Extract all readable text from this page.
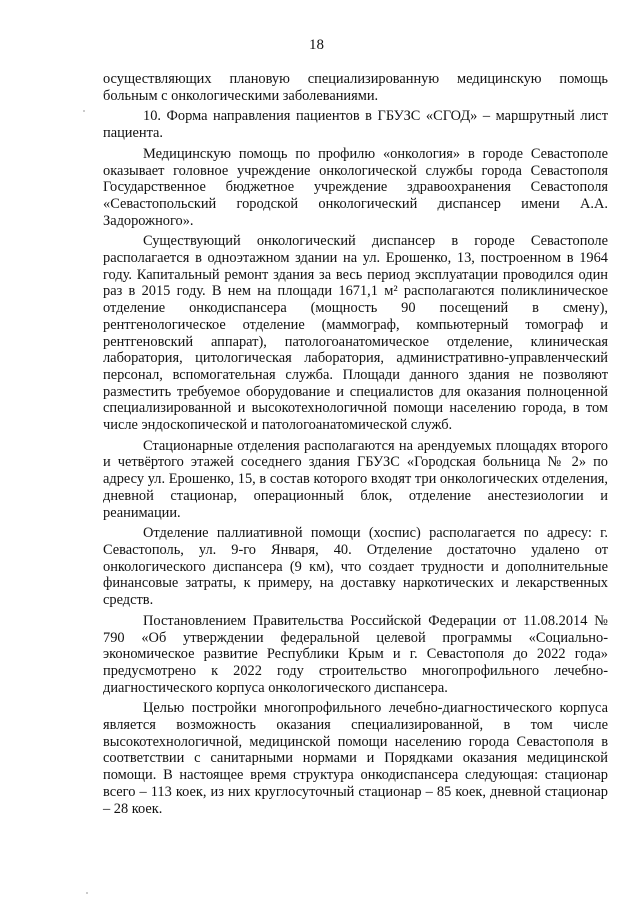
18

осуществляющих плановую специализированную медицинскую помощь больным с онкологическими заболеваниями.

10. Форма направления пациентов в ГБУЗС «СГОД» – маршрутный лист пациента.

Медицинскую помощь по профилю «онкология» в городе Севастополе оказывает головное учреждение онкологической службы города Севастополя Государственное бюджетное учреждение здравоохранения Севастополя «Севастопольский городской онкологический диспансер имени А.А. Задорожного».

Существующий онкологический диспансер в городе Севастополе располагается в одноэтажном здании на ул. Ерошенко, 13, построенном в 1964 году. Капитальный ремонт здания за весь период эксплуатации проводился один раз в 2015 году. В нем на площади 1671,1 м² располагаются поликлиническое отделение онкодиспансера (мощность 90 посещений в смену), рентгенологическое отделение (маммограф, компьютерный томограф и рентгеновский аппарат), патологоанатомическое отделение, клиническая лаборатория, цитологическая лаборатория, административно-управленческий персонал, вспомогательная служба. Площади данного здания не позволяют разместить требуемое оборудование и специалистов для оказания полноценной специализированной и высокотехнологичной помощи населению города, в том числе эндоскопической и патологоанатомической служб.

Стационарные отделения располагаются на арендуемых площадях второго и четвёртого этажей соседнего здания ГБУЗС «Городская больница № 2» по адресу ул. Ерошенко, 15, в состав которого входят три онкологических отделения, дневной стационар, операционный блок, отделение анестезиологии и реанимации.

Отделение паллиативной помощи (хоспис) располагается по адресу: г. Севастополь, ул. 9-го Января, 40. Отделение достаточно удалено от онкологического диспансера (9 км), что создает трудности и дополнительные финансовые затраты, к примеру, на доставку наркотических и лекарственных средств.

Постановлением Правительства Российской Федерации от 11.08.2014 № 790 «Об утверждении федеральной целевой программы «Социально-экономическое развитие Республики Крым и г. Севастополя до 2022 года» предусмотрено к 2022 году строительство многопрофильного лечебно-диагностического корпуса онкологического диспансера.

Целью постройки многопрофильного лечебно-диагностического корпуса является возможность оказания специализированной, в том числе высокотехнологичной, медицинской помощи населению города Севастополя в соответствии с санитарными нормами и Порядками оказания медицинской помощи. В настоящее время структура онкодиспансера следующая: стационар всего – 113 коек, из них круглосуточный стационар – 85 коек, дневной стационар – 28 коек.
